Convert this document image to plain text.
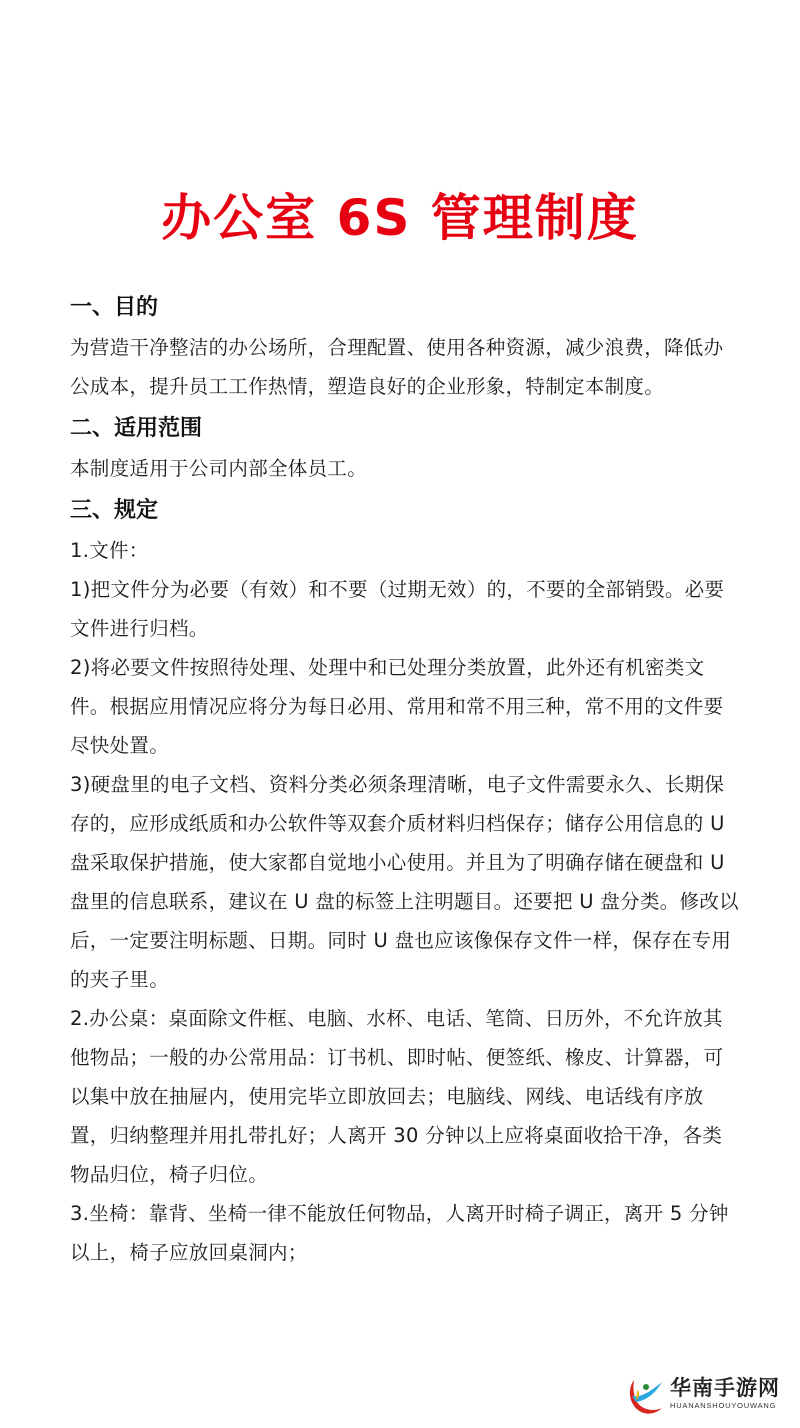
办公室 6S 管理制度
一、目的

为营造干净整洁的办公场所，合理配置、使用各种资源，减少浪费，降低办公成本，提升员工工作热情，塑造良好的企业形象，特制定本制度。

二、适用范围

本制度适用于公司内部全体员工。

三、规定

1.文件：

1)把文件分为必要（有效）和不要（过期无效）的，不要的全部销毁。必要文件进行归档。

2)将必要文件按照待处理、处理中和已处理分类放置，此外还有机密类文件。根据应用情况应将分为每日必用、常用和常不用三种，常不用的文件要尽快处置。

3)硬盘里的电子文档、资料分类必须条理清晰，电子文件需要永久、长期保存的，应形成纸质和办公软件等双套介质材料归档保存；储存公用信息的 U 盘采取保护措施，使大家都自觉地小心使用。并且为了明确存储在硬盘和 U 盘里的信息联系，建议在 U 盘的标签上注明题目。还要把 U 盘分类。修改以后，一定要注明标题、日期。同时 U 盘也应该像保存文件一样，保存在专用的夹子里。

2.办公桌：桌面除文件框、电脑、水杯、电话、笔筒、日历外，不允许放其他物品；一般的办公常用品：订书机、即时帖、便签纸、橡皮、计算器，可以集中放在抽屉内，使用完毕立即放回去；电脑线、网线、电话线有序放置，归纳整理并用扎带扎好；人离开 30 分钟以上应将桌面收拾干净，各类物品归位，椅子归位。

3.坐椅：靠背、坐椅一律不能放任何物品，人离开时椅子调正，离开 5 分钟以上，椅子应放回桌洞内；

华南手游网
HUANANSHOUYOUWANG
